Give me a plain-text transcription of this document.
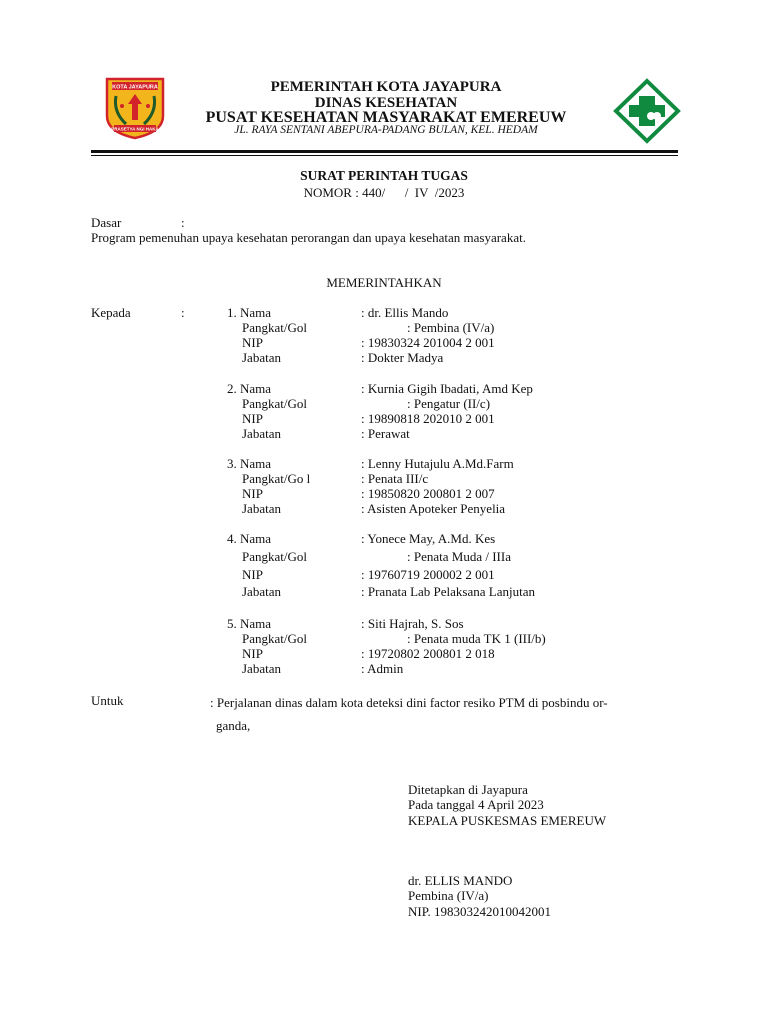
KOTA JAYAPURA
PRASETYA NGI HAKA
PEMERINTAH KOTA JAYAPURA
DINAS KESEHATAN
PUSAT KESEHATAN MASYARAKAT EMEREUW
JL. RAYA SENTANI ABEPURA-PADANG BULAN, KEL. HEDAM
SURAT PERINTAH TUGAS
NOMOR : 440/      /  IV  /2023
Dasar	:
Program pemenuhan upaya kesehatan perorangan dan upaya kesehatan masyarakat.
MEMERINTAHKAN
Kepada	:	1. Nama	: dr. Ellis Mando
Pangkat/Gol	: Pembina (IV/a)
NIP	: 19830324 201004 2 001
Jabatan	: Dokter Madya
2. Nama	: Kurnia Gigih Ibadati, Amd Kep
Pangkat/Gol	: Pengatur (II/c)
NIP	: 19890818 202010 2 001
Jabatan	: Perawat
3. Nama	: Lenny Hutajulu A.Md.Farm
Pangkat/Go l	: Penata III/c
NIP	: 19850820 200801 2 007
Jabatan	: Asisten Apoteker Penyelia
4. Nama	: Yonece May, A.Md. Kes
Pangkat/Gol	: Penata Muda / IIIa
NIP	: 19760719 200002 2 001
Jabatan	: Pranata Lab Pelaksana Lanjutan
5. Nama	: Siti Hajrah, S. Sos
Pangkat/Gol	: Penata muda TK 1 (III/b)
NIP	: 19720802 200801 2 018
Jabatan	: Admin
Untuk	: Perjalanan dinas dalam kota deteksi dini factor resiko PTM di posbindu or-
ganda,
Ditetapkan di Jayapura
Pada tanggal 4 April 2023
KEPALA PUSKESMAS EMEREUW
dr. ELLIS MANDO
Pembina (IV/a)
NIP. 198303242010042001
